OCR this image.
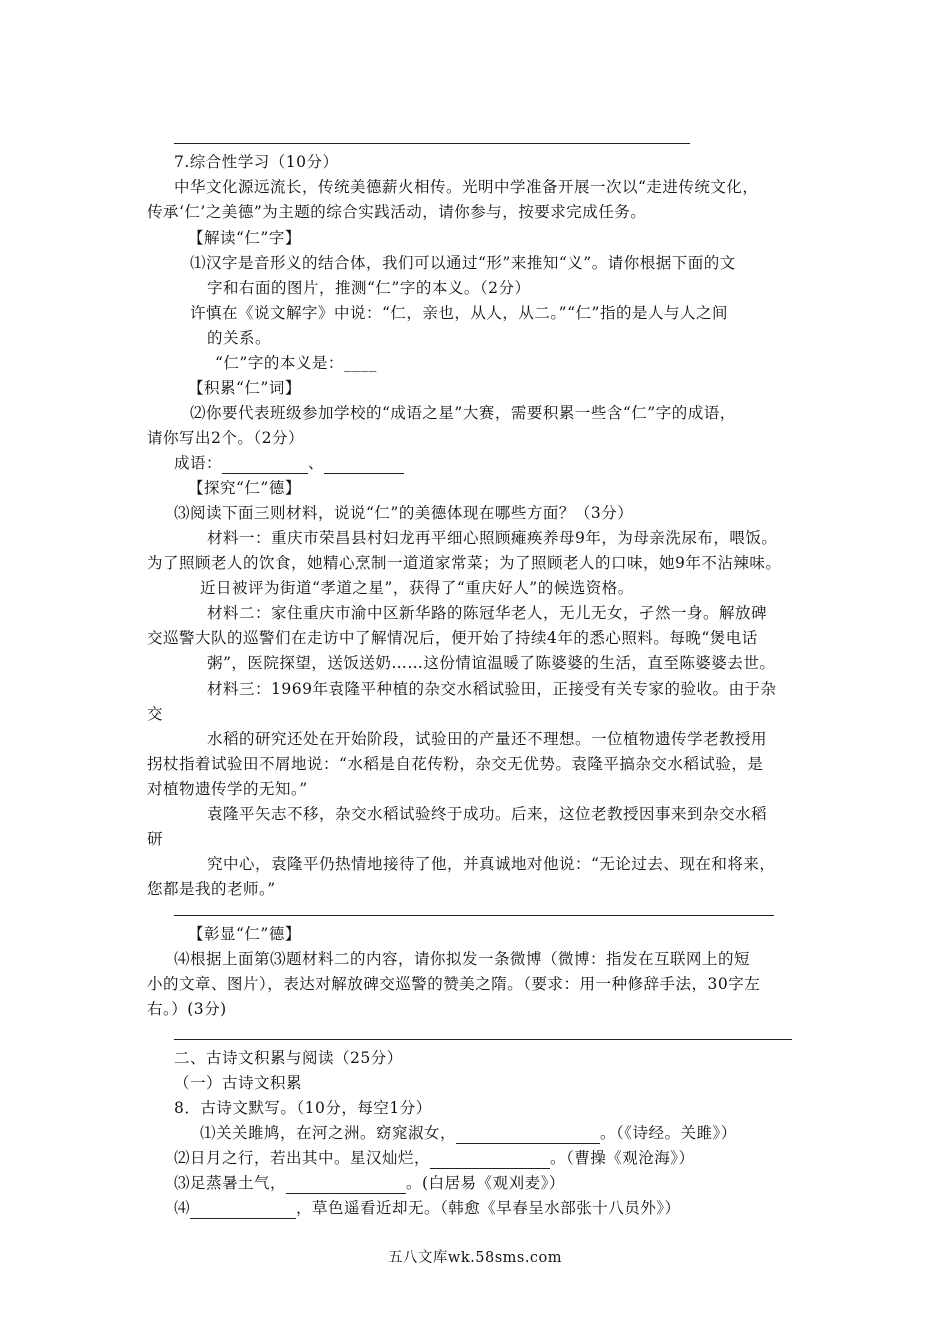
7.综合性学习（10分）
中华文化源远流长，传统美德薪火相传。光明中学准备开展一次以“走进传统文化，
传承‘仁’之美德”为主题的综合实践活动，请你参与，按要求完成任务。
【解读“仁”字】
⑴汉字是音形义的结合体，我们可以通过“形”来推知“义”。请你根据下面的文
字和右面的图片，推测“仁”字的本义。（2分）
许慎在《说文解字》中说：“仁，亲也，从人，从二。”“仁”指的是人与人之间
的关系。
“仁”字的本义是：____
【积累“仁”词】
⑵你要代表班级参加学校的“成语之星”大赛，需要积累一些含“仁”字的成语，
请你写出2个。（2分）
成语：	、
【探究“仁”德】
⑶阅读下面三则材料，说说“仁”的美德体现在哪些方面？（3分）
材料一：重庆市荣昌县村妇龙再平细心照顾瘫痪养母9年，为母亲洗尿布，喂饭。
为了照顾老人的饮食，她精心烹制一道道家常菜；为了照顾老人的口味，她9年不沾辣味。
近日被评为街道“孝道之星”，获得了“重庆好人”的候选资格。
材料二：家住重庆市渝中区新华路的陈冠华老人，无儿无女，孑然一身。解放碑
交巡警大队的巡警们在走访中了解情况后，便开始了持续4年的悉心照料。每晚“煲电话
粥”，医院探望，送饭送奶……这份情谊温暖了陈婆婆的生活，直至陈婆婆去世。
材料三：1969年袁隆平种植的杂交水稻试验田，正接受有关专家的验收。由于杂
交
水稻的研究还处在开始阶段，试验田的产量还不理想。一位植物遗传学老教授用
拐杖指着试验田不屑地说：“水稻是自花传粉，杂交无优势。袁隆平搞杂交水稻试验，是
对植物遗传学的无知。”
袁隆平矢志不移，杂交水稻试验终于成功。后来，这位老教授因事来到杂交水稻
研
究中心，袁隆平仍热情地接待了他，并真诚地对他说：“无论过去、现在和将来，
您都是我的老师。”
【彰显“仁”德】
⑷根据上面第⑶题材料二的内容，请你拟发一条微博（微博：指发在互联网上的短
小的文章、图片），表达对解放碑交巡警的赞美之隋。（要求：用一种修辞手法，30字左
右。）(3分)
二、古诗文积累与阅读（25分）
（一）古诗文积累
8．古诗文默写。（10分，每空1分）
⑴关关雎鸠，在河之洲。窈窕淑女，	。（《诗经。关雎》）
⑵日月之行，若出其中。星汉灿烂，	。（曹操《观沧海》）
⑶足蒸暑土气，	。(白居易《观刈麦》）
⑷	，草色遥看近却无。（韩愈《早春呈水部张十八员外》）
五八文库wk.58sms.com
